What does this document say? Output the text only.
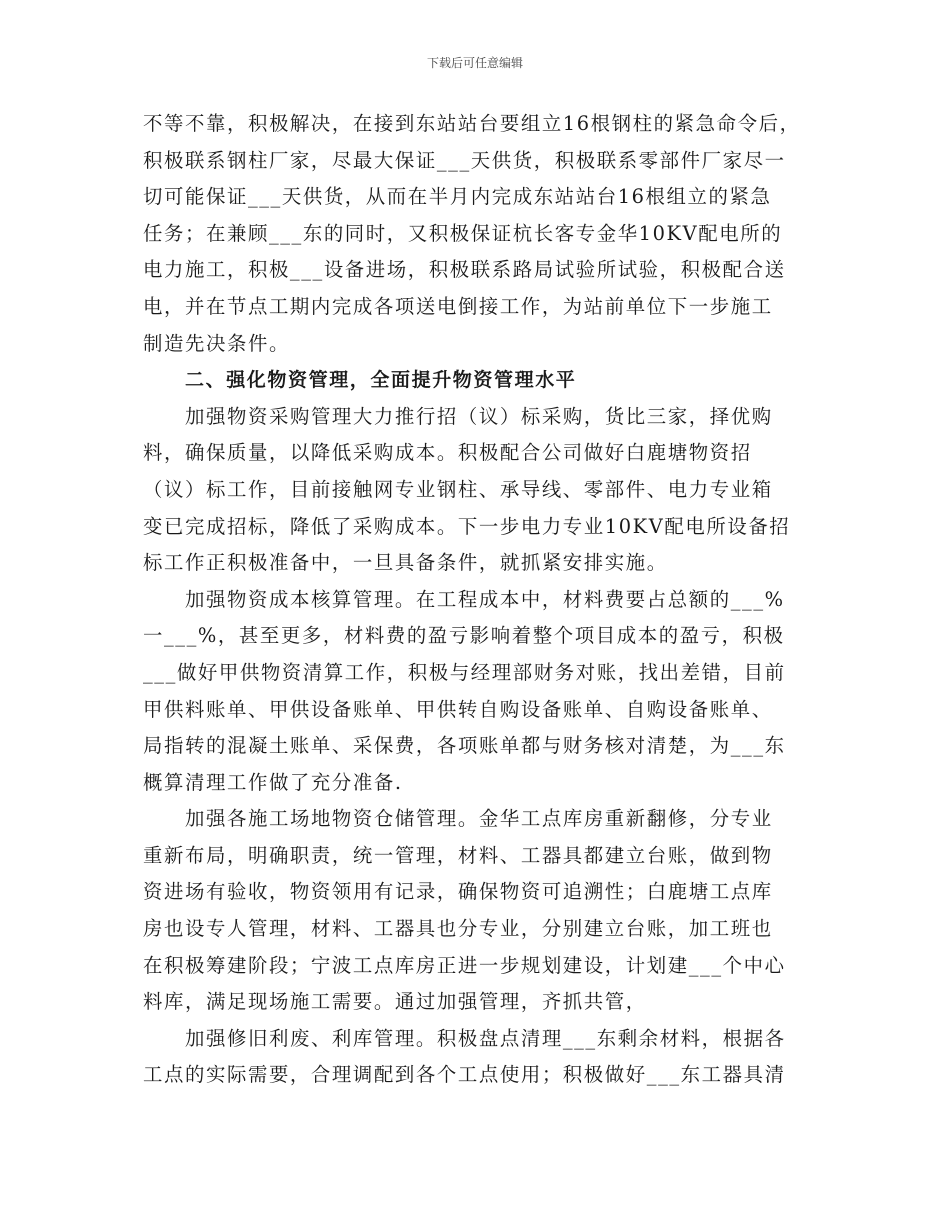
下载后可任意编辑
不等不靠，积极解决，在接到东站站台要组立16根钢柱的紧急命令后，
积极联系钢柱厂家，尽最大保证___天供货，积极联系零部件厂家尽一
切可能保证___天供货，从而在半月内完成东站站台16根组立的紧急
任务；在兼顾___东的同时，又积极保证杭长客专金华10KV配电所的
电力施工，积极___设备进场，积极联系路局试验所试验，积极配合送
电，并在节点工期内完成各项送电倒接工作，为站前单位下一步施工
制造先决条件。
二、强化物资管理，全面提升物资管理水平
加强物资采购管理大力推行招（议）标采购，货比三家，择优购
料，确保质量，以降低采购成本。积极配合公司做好白鹿塘物资招
（议）标工作，目前接触网专业钢柱、承导线、零部件、电力专业箱
变已完成招标，降低了采购成本。下一步电力专业10KV配电所设备招
标工作正积极准备中，一旦具备条件，就抓紧安排实施。
加强物资成本核算管理。在工程成本中，材料费要占总额的___%
一___%，甚至更多，材料费的盈亏影响着整个项目成本的盈亏，积极
___做好甲供物资清算工作，积极与经理部财务对账，找出差错，目前
甲供料账单、甲供设备账单、甲供转自购设备账单、自购设备账单、
局指转的混凝土账单、采保费，各项账单都与财务核对清楚，为___东
概算清理工作做了充分准备.
加强各施工场地物资仓储管理。金华工点库房重新翻修，分专业
重新布局，明确职责，统一管理，材料、工器具都建立台账，做到物
资进场有验收，物资领用有记录，确保物资可追溯性；白鹿塘工点库
房也设专人管理，材料、工器具也分专业，分别建立台账，加工班也
在积极筹建阶段；宁波工点库房正进一步规划建设，计划建___个中心
料库，满足现场施工需要。通过加强管理，齐抓共管，
加强修旧利废、利库管理。积极盘点清理___东剩余材料，根据各
工点的实际需要，合理调配到各个工点使用；积极做好___东工器具清
